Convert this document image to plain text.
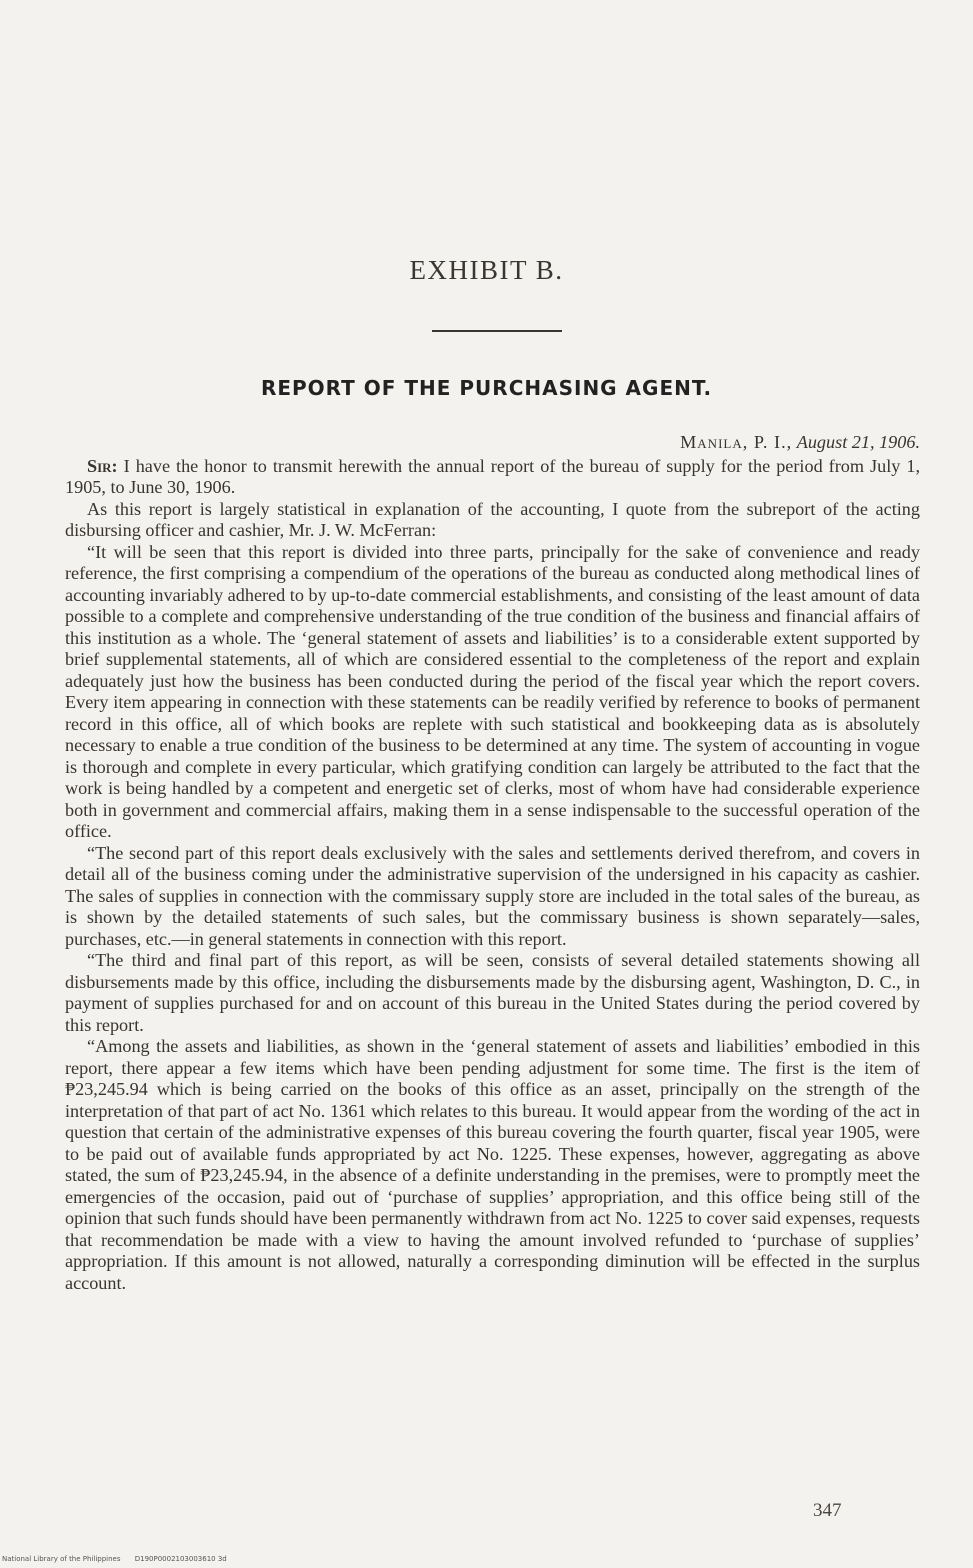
EXHIBIT B.
REPORT OF THE PURCHASING AGENT.
Manila, P. I., August 21, 1906.

Sir: I have the honor to transmit herewith the annual report of the bureau of supply for the period from July 1, 1905, to June 30, 1906.

As this report is largely statistical in explanation of the accounting, I quote from the subreport of the acting disbursing officer and cashier, Mr. J. W. McFerran:

“It will be seen that this report is divided into three parts, principally for the sake of convenience and ready reference, the first comprising a compendium of the operations of the bureau as conducted along methodical lines of accounting invariably adhered to by up-to-date commercial establishments, and consisting of the least amount of data possible to a complete and comprehensive understanding of the true condition of the business and financial affairs of this institution as a whole. The ‘general statement of assets and liabilities’ is to a considerable extent supported by brief supplemental statements, all of which are considered essential to the completeness of the report and explain adequately just how the business has been conducted during the period of the fiscal year which the report covers. Every item appearing in connection with these statements can be readily verified by reference to books of permanent record in this office, all of which books are replete with such statistical and bookkeeping data as is absolutely necessary to enable a true condition of the business to be determined at any time. The system of accounting in vogue is thorough and complete in every particular, which gratifying condition can largely be attributed to the fact that the work is being handled by a competent and energetic set of clerks, most of whom have had considerable experience both in government and commercial affairs, making them in a sense indispensable to the successful operation of the office.

“The second part of this report deals exclusively with the sales and settlements derived therefrom, and covers in detail all of the business coming under the administrative supervision of the undersigned in his capacity as cashier. The sales of supplies in connection with the commissary supply store are included in the total sales of the bureau, as is shown by the detailed statements of such sales, but the commissary business is shown separately—sales, purchases, etc.—in general statements in connection with this report.

“The third and final part of this report, as will be seen, consists of several detailed statements showing all disbursements made by this office, including the disbursements made by the disbursing agent, Washington, D. C., in payment of supplies purchased for and on account of this bureau in the United States during the period covered by this report.

“Among the assets and liabilities, as shown in the ‘general statement of assets and liabilities’ embodied in this report, there appear a few items which have been pending adjustment for some time. The first is the item of ₱23,245.94 which is being carried on the books of this office as an asset, principally on the strength of the interpretation of that part of act No. 1361 which relates to this bureau. It would appear from the wording of the act in question that certain of the administrative expenses of this bureau covering the fourth quarter, fiscal year 1905, were to be paid out of available funds appropriated by act No. 1225. These expenses, however, aggregating as above stated, the sum of ₱23,245.94, in the absence of a definite understanding in the premises, were to promptly meet the emergencies of the occasion, paid out of ‘purchase of supplies’ appropriation, and this office being still of the opinion that such funds should have been permanently withdrawn from act No. 1225 to cover said expenses, requests that recommendation be made with a view to having the amount involved refunded to ‘purchase of supplies’ appropriation. If this amount is not allowed, naturally a corresponding diminution will be effected in the surplus account.

347
National Library of the Philippines D190P0002103003610 3d
